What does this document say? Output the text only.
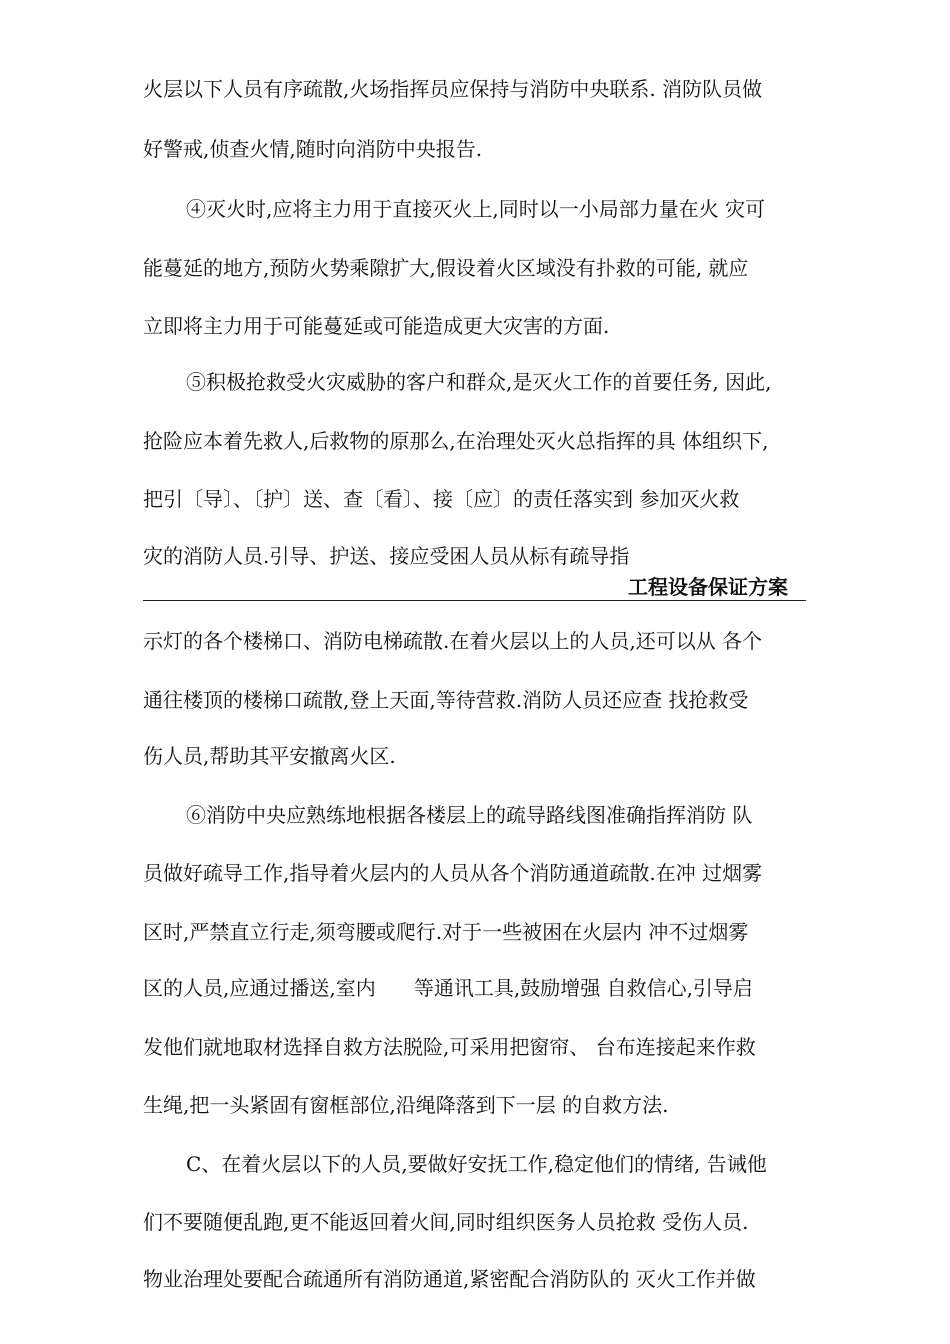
火层以下人员有序疏散,火场指挥员应保持与消防中央联系. 消防队员做
好警戒,侦查火情,随时向消防中央报告.
④灭火时,应将主力用于直接灭火上,同时以一小局部力量在火 灾可
能蔓延的地方,预防火势乘隙扩大,假设着火区域没有扑救的可能, 就应
立即将主力用于可能蔓延或可能造成更大灾害的方面.
⑤积极抢救受火灾威胁的客户和群众,是灭火工作的首要任务, 因此,
抢险应本着先救人,后救物的原那么,在治理处灭火总指挥的具 体组织下,
把引〔导〕、〔护〕送、查〔看〕、接〔应〕的责任落实到 参加灭火救
灾的消防人员.引导、护送、接应受困人员从标有疏导指
工程设备保证方案
示灯的各个楼梯口、消防电梯疏散.在着火层以上的人员,还可以从 各个
通往楼顶的楼梯口疏散,登上天面,等待营救.消防人员还应查 找抢救受
伤人员,帮助其平安撤离火区.
⑥消防中央应熟练地根据各楼层上的疏导路线图准确指挥消防 队
员做好疏导工作,指导着火层内的人员从各个消防通道疏散.在冲 过烟雾
区时,严禁直立行走,须弯腰或爬行.对于一些被困在火层内 冲不过烟雾
区的人员,应通过播送,室内      等通讯工具,鼓励增强 自救信心,引导启
发他们就地取材选择自救方法脱险,可采用把窗帘、 台布连接起来作救
生绳,把一头紧固有窗框部位,沿绳降落到下一层 的自救方法.
C、在着火层以下的人员,要做好安抚工作,稳定他们的情绪, 告诫他
们不要随便乱跑,更不能返回着火间,同时组织医务人员抢救 受伤人员.
物业治理处要配合疏通所有消防通道,紧密配合消防队的 灭火工作并做
